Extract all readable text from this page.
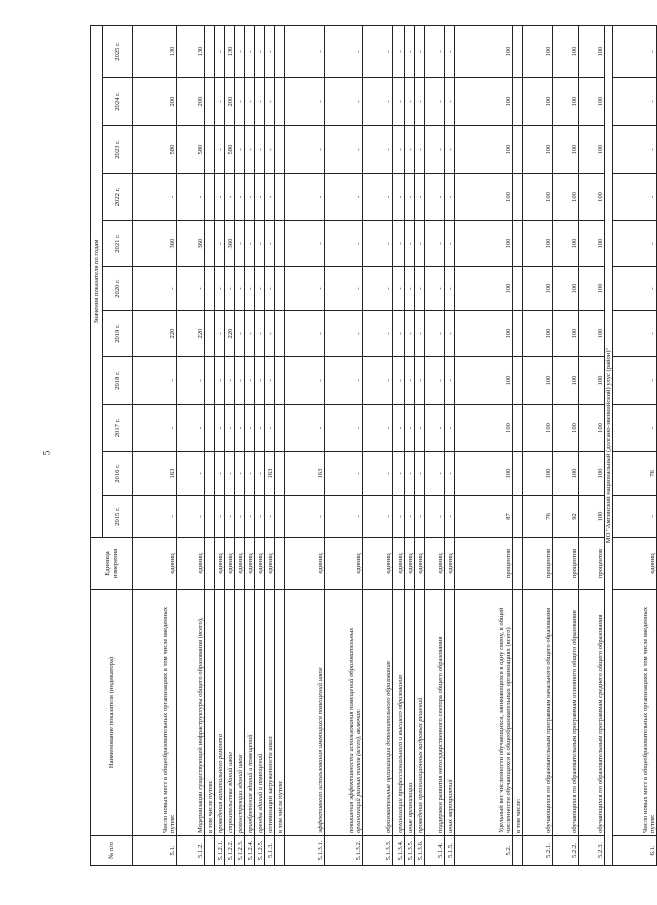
5
№ п/п	Наименование показателя (индикатора)	Единица измерения	Значения показателя по годам										
			2015 г.	2016 г.	2017 г.	2018 г.	2019 г.	2020 г.	2021 г.	2022 г.	2023 г.	2024 г.	2025 г.
5.1.	Число новых мест в общеобразовательных организациях в том числе введенных путем:	единиц	-	163	-	-	220	-	360	-	580	200	130
5.1.2.	Модернизации существующей инфраструктуры общего образования (всего),	единиц	-	-	-	-	220	-	360	-	580	200	130
	в том числе путем:												
5.1.2.1.	проведения капитального ремонта	единиц	-	-	-	-	-	-	-	-	-	-	-
5.1.2.2.	строительства зданий школ	единиц	-	-	-	-	220	-	360	-	580	200	130
5.1.2.3.	реконструкции зданий школ	единиц	-	-	-	-	-	-	-	-	-	-	-
5.1.2.4.	приобретения зданий и помещений	единиц	-	-	-	-	-	-	-	-	-	-	-
5.1.2.5.	аренды зданий и помещений	единиц	-	-	-	-	-	-	-	-	-	-	-
5.1.3.	оптимизации загруженности школ	единиц	-	163	-	-	-	-	-	-	-	-	-
	в том числе путем:												
5.1.3.1.	эффективного использования имеющихся помещений школ	единиц	-	163	-	-	-	-	-	-	-	-	-
5.1.3.2.	повышения эффективности использования помещений образовательных организаций разных типов (всего), включая:	единиц	-	-	-	-	-	-	-	-	-	-	-
5.1.3.3.	образовательные организации дополнительного образования	единиц	-	-	-	-	-	-	-	-	-	-	-
5.1.3.4.	организации профессионального и высшего образования	единиц	-	-	-	-	-	-	-	-	-	-	-
5.1.3.5.	иные организации	единиц	-	-	-	-	-	-	-	-	-	-	-
5.1.3.6.	проведение организационных кадровых решений	единиц	-	-	-	-	-	-	-	-	-	-	-
5.1.4.	поддержки развития негосударственного сектора общего образования	единиц	-	-	-	-	-	-	-	-	-	-	-
5.1.5.	иных мероприятий	единиц	-	-	-	-	-	-	-	-	-	-	-
5.2.	Удельный вес численности обучающихся, занимающихся в одну смену, в общей численности обучающихся в общеобразовательных организациях (всего)	процентов	87	100	100	100	100	100	100	100	100	100	100
	в том числе:												
5.2.1.	обучающихся по образовательным программам начального общего образования	процентов	76	100	100	100	100	100	100	100	100	100	100
5.2.2.	обучающихся по образовательным программам основного общего образования	процентов	92	100	100	100	100	100	100	100	100	100	100
5.2.3.	обучающихся по образовательным программам среднего общего образования	процентов	100	100	100	100	100	100	100	100	100	100	100
МО "Амгинский национальный (долгано-эвенкийский) улус (район)"													
6.1.	Число новых мест в общеобразовательных организациях в том числе введенных путем:	единиц	-	76	-	-	-	-	-	-	-	-	-
